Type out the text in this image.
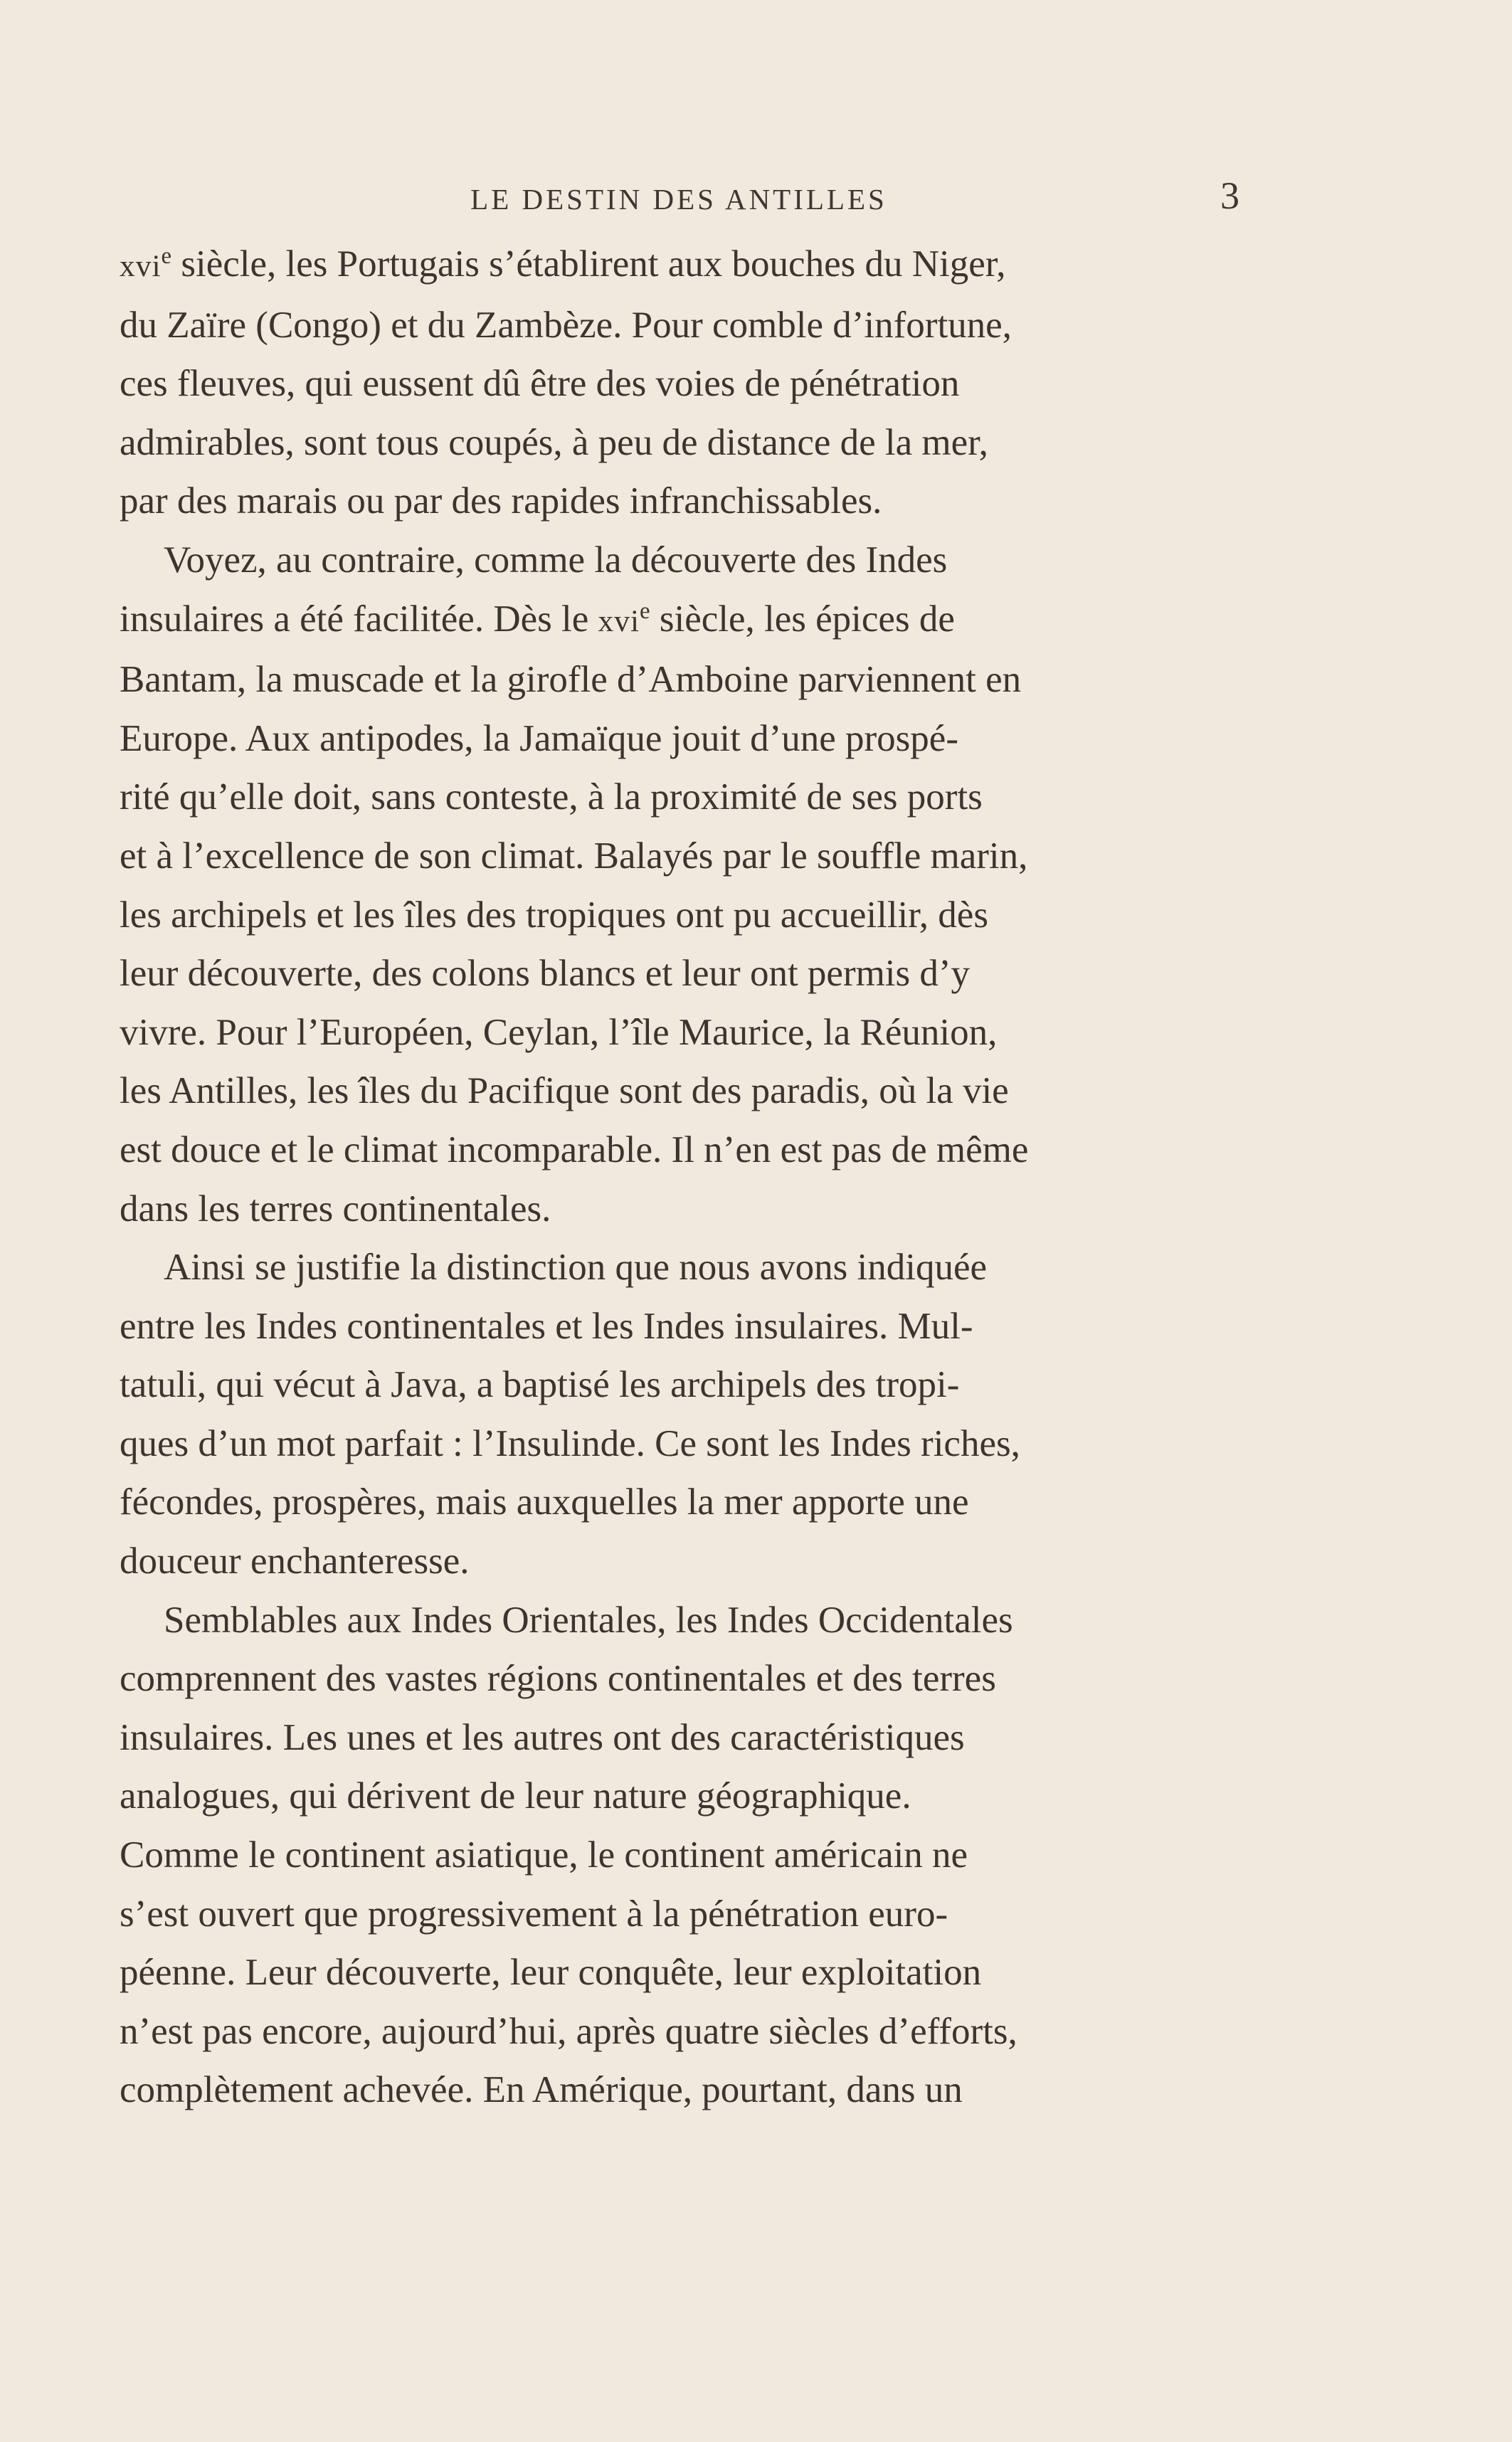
LE DESTIN DES ANTILLES	3

xvi$^e$ siècle, les Portugais s’établirent aux bouches du Niger,

du Zaïre (Congo) et du Zambèze. Pour comble d’infortune,

ces fleuves, qui eussent dû être des voies de pénétration

admirables, sont tous coupés, à peu de distance de la mer,

par des marais ou par des rapides infranchissables.

Voyez, au contraire, comme la découverte des Indes

insulaires a été facilitée. Dès le xvi$^e$ siècle, les épices de

Bantam, la muscade et la girofle d’Amboine parviennent en

Europe. Aux antipodes, la Jamaïque jouit d’une prospé-

rité qu’elle doit, sans conteste, à la proximité de ses ports

et à l’excellence de son climat. Balayés par le souffle marin,

les archipels et les îles des tropiques ont pu accueillir, dès

leur découverte, des colons blancs et leur ont permis d’y

vivre. Pour l’Européen, Ceylan, l’île Maurice, la Réunion,

les Antilles, les îles du Pacifique sont des paradis, où la vie

est douce et le climat incomparable. Il n’en est pas de même

dans les terres continentales.

Ainsi se justifie la distinction que nous avons indiquée

entre les Indes continentales et les Indes insulaires. Mul-

tatuli, qui vécut à Java, a baptisé les archipels des tropi-

ques d’un mot parfait : l’Insulinde. Ce sont les Indes riches,

fécondes, prospères, mais auxquelles la mer apporte une

douceur enchanteresse.

Semblables aux Indes Orientales, les Indes Occidentales

comprennent des vastes régions continentales et des terres

insulaires. Les unes et les autres ont des caractéristiques

analogues, qui dérivent de leur nature géographique.

Comme le continent asiatique, le continent américain ne

s’est ouvert que progressivement à la pénétration euro-

péenne. Leur découverte, leur conquête, leur exploitation

n’est pas encore, aujourd’hui, après quatre siècles d’efforts,

complètement achevée. En Amérique, pourtant, dans un
